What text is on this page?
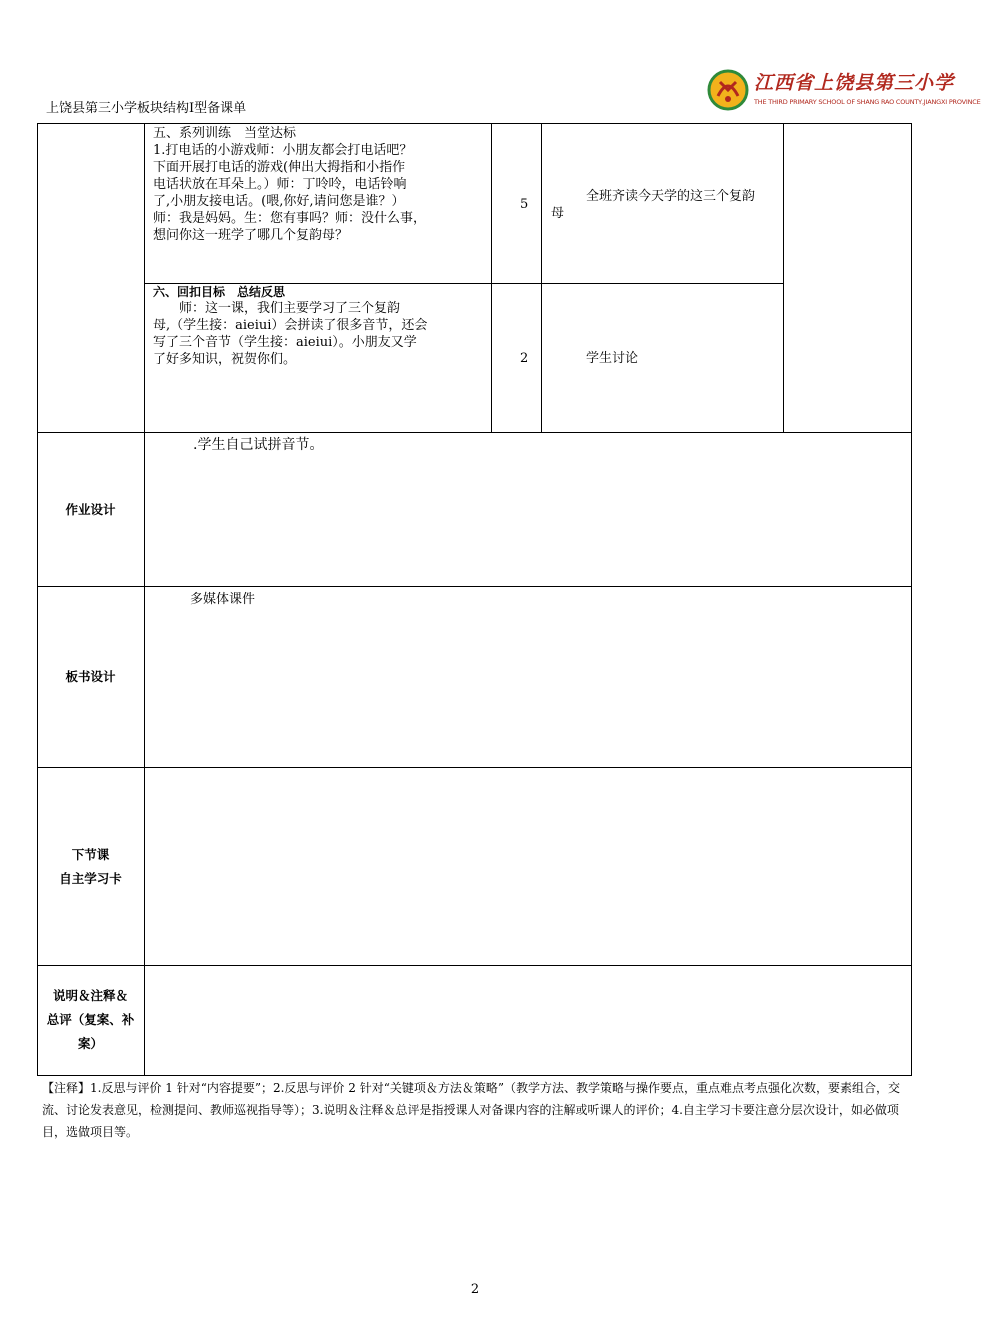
上饶县第三小学板块结构Ⅰ型备课单
江西省上饶县第三小学
THE THIRD PRIMARY SCHOOL OF SHANG RAO COUNTY,JIANGXI PROVINCE
五、系列训练　当堂达标
1.打电话的小游戏师：小朋友都会打电话吧？
下面开展打电话的游戏(伸出大拇指和小指作
电话状放在耳朵上。）师：丁呤呤，电话铃响
了,小朋友接电话。(喂,你好,请问您是谁？）
师：我是妈妈。生：您有事吗？师：没什么事，
想问你这一班学了哪几个复韵母？
5
全班齐读今天学的这三个复韵
母
六、回扣目标　总结反思
　　师：这一课，我们主要学习了三个复韵
母,（学生接：aieiui）会拼读了很多音节，还会
写了三个音节（学生接：aieiui）。小朋友又学
了好多知识，祝贺你们。	2	学生讨论
作业设计
.学生自己试拼音节。
板书设计
多媒体课件
下节课
自主学习卡
说明＆注释＆
总评（复案、补
案）
【注释】1.反思与评价 1 针对“内容提要”；2.反思与评价 2 针对“关键项＆方法＆策略”（教学方法、教学策略与操作要点，重点难点考点强化次数，要素组合，交流、讨论发表意见，检测提问、教师巡视指导等）；3.说明＆注释＆总评是指授课人对备课内容的注解或听课人的评价；4.自主学习卡要注意分层次设计，如必做项目，选做项目等。
2
